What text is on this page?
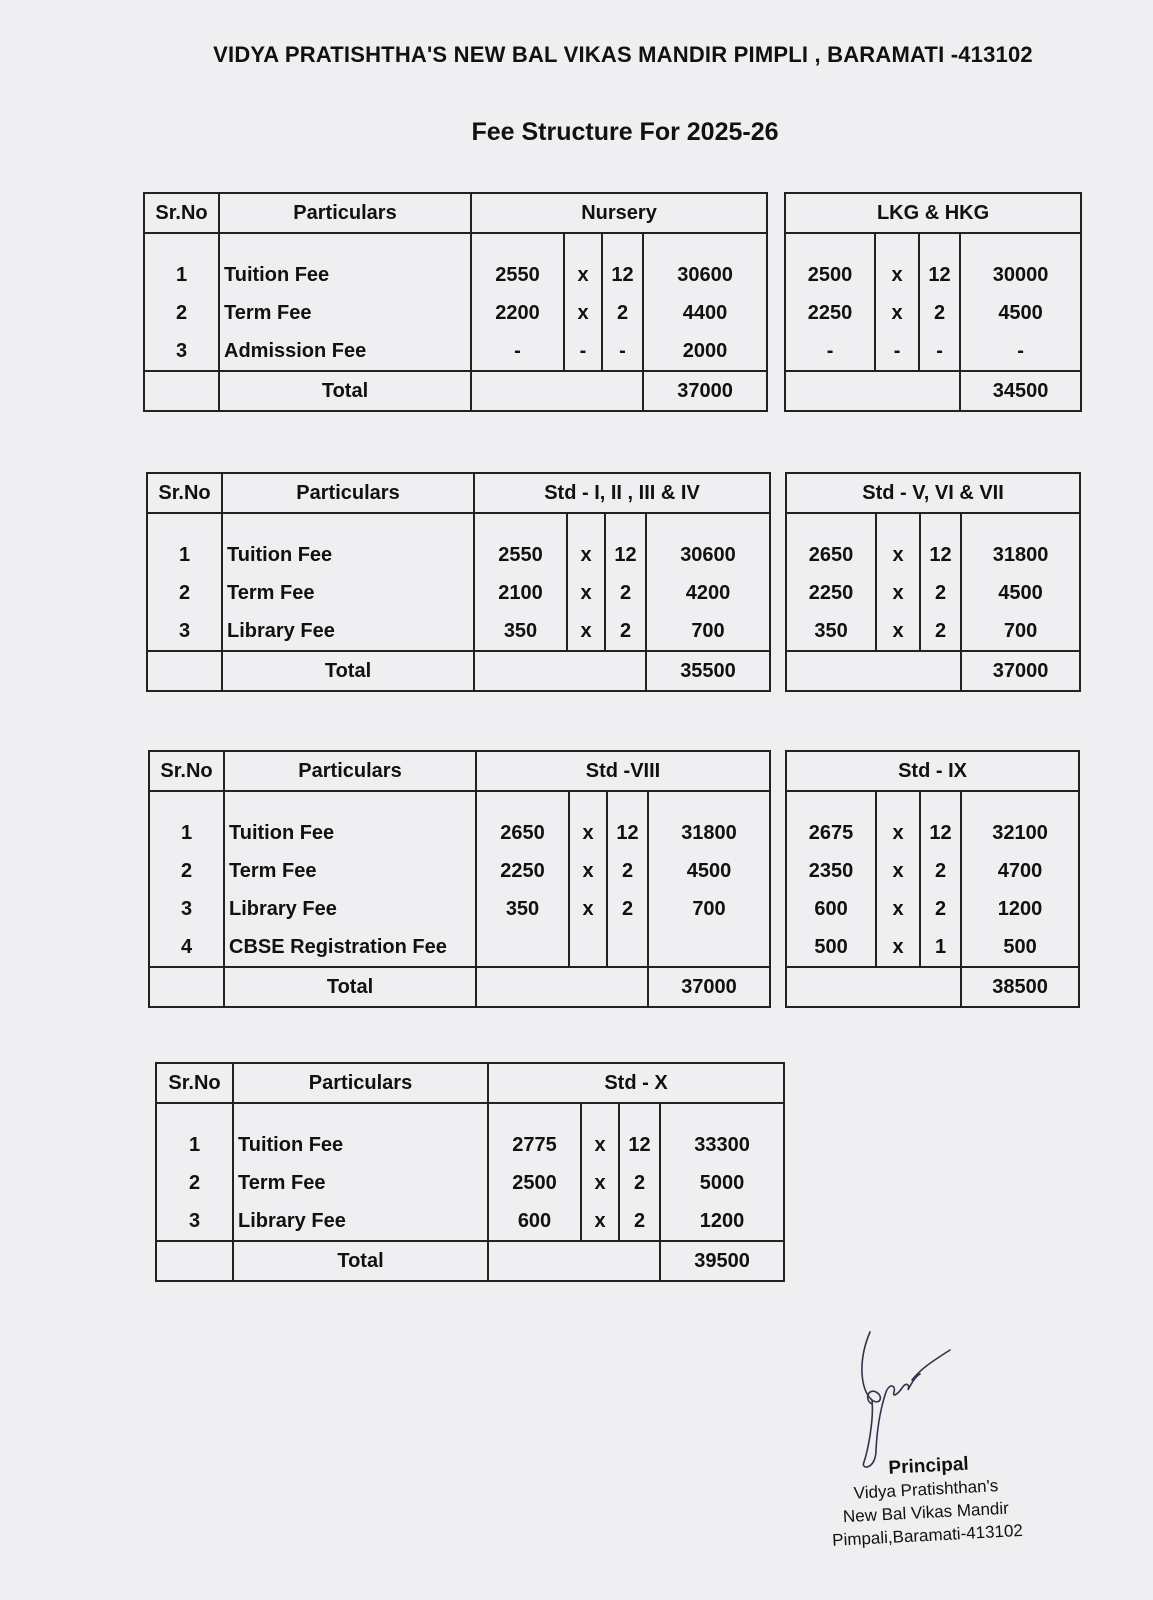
VIDYA PRATISHTHA'S NEW BAL VIKAS MANDIR PIMPLI , BARAMATI -413102
Fee Structure For 2025-26
Sr.No	Particulars	Nursery					LKG & HKG			

1	Tuition Fee	2550	x	12	30600		2500	x	12	30000
2	Term Fee	2200	x	2	4400		2250	x	2	4500
3	Admission Fee	-	-	-	2000		-	-	-	-
	Total				37000					34500
Sr.No	Particulars	Std - I, II , III & IV					Std - V, VI & VII			

1	Tuition Fee	2550	x	12	30600		2650	x	12	31800
2	Term Fee	2100	x	2	4200		2250	x	2	4500
3	Library Fee	350	x	2	700		350	x	2	700
	Total				35500					37000
Sr.No	Particulars	Std -VIII					Std - IX			

1	Tuition Fee	2650	x	12	31800		2675	x	12	32100
2	Term Fee	2250	x	2	4500		2350	x	2	4700
3	Library Fee	350	x	2	700		600	x	2	1200
4	CBSE Registration Fee						500	x	1	500
	Total				37000					38500
Sr.No	Particulars	Std - X			

1	Tuition Fee	2775	x	12	33300
2	Term Fee	2500	x	2	5000
3	Library Fee	600	x	2	1200
	Total				39500
Principal
Vidya Pratishthan's
New Bal Vikas Mandir
Pimpali,Baramati-413102
